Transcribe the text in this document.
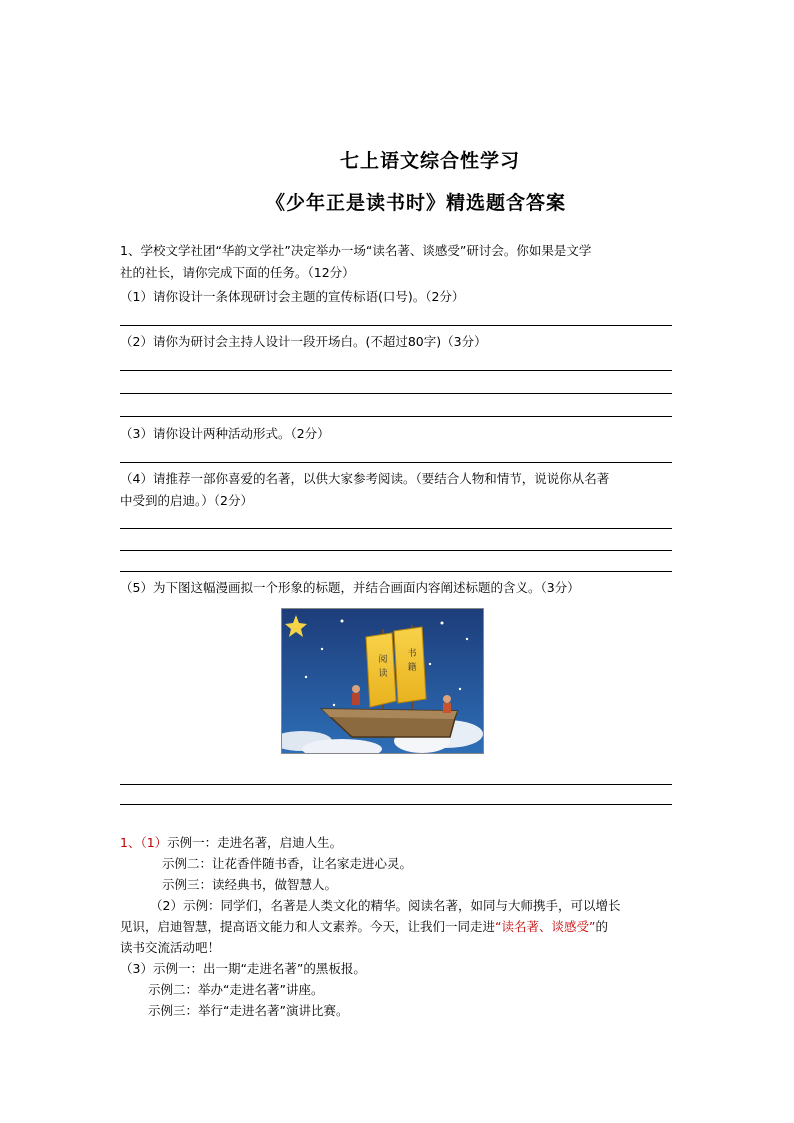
七上语文综合性学习
《少年正是读书时》精选题含答案
1、学校文学社团“华韵文学社”决定举办一场“读名著、谈感受”研讨会。你如果是文学
社的社长，请你完成下面的任务。（12分）
（1）请你设计一条体现研讨会主题的宣传标语(口号)。（2分）
（2）请你为研讨会主持人设计一段开场白。(不超过80字)（3分）
（3）请你设计两种活动形式。（2分）
（4）请推荐一部你喜爱的名著，以供大家参考阅读。（要结合人物和情节，说说你从名著
中受到的启迪。）（2分）
（5）为下图这幅漫画拟一个形象的标题，并结合画面内容阐述标题的含义。（3分）
阅
读
书
籍
1、（1）示例一：走进名著，启迪人生。
示例二：让花香伴随书香，让名家走进心灵。
示例三：读经典书，做智慧人。
（2）示例：同学们，名著是人类文化的精华。阅读名著，如同与大师携手，可以增长
见识，启迪智慧，提高语文能力和人文素养。今天，让我们一同走进“读名著、谈感受”的
读书交流活动吧！
（3）示例一：出一期“走进名著”的黑板报。
示例二：举办“走进名著”讲座。
示例三：举行“走进名著”演讲比赛。
